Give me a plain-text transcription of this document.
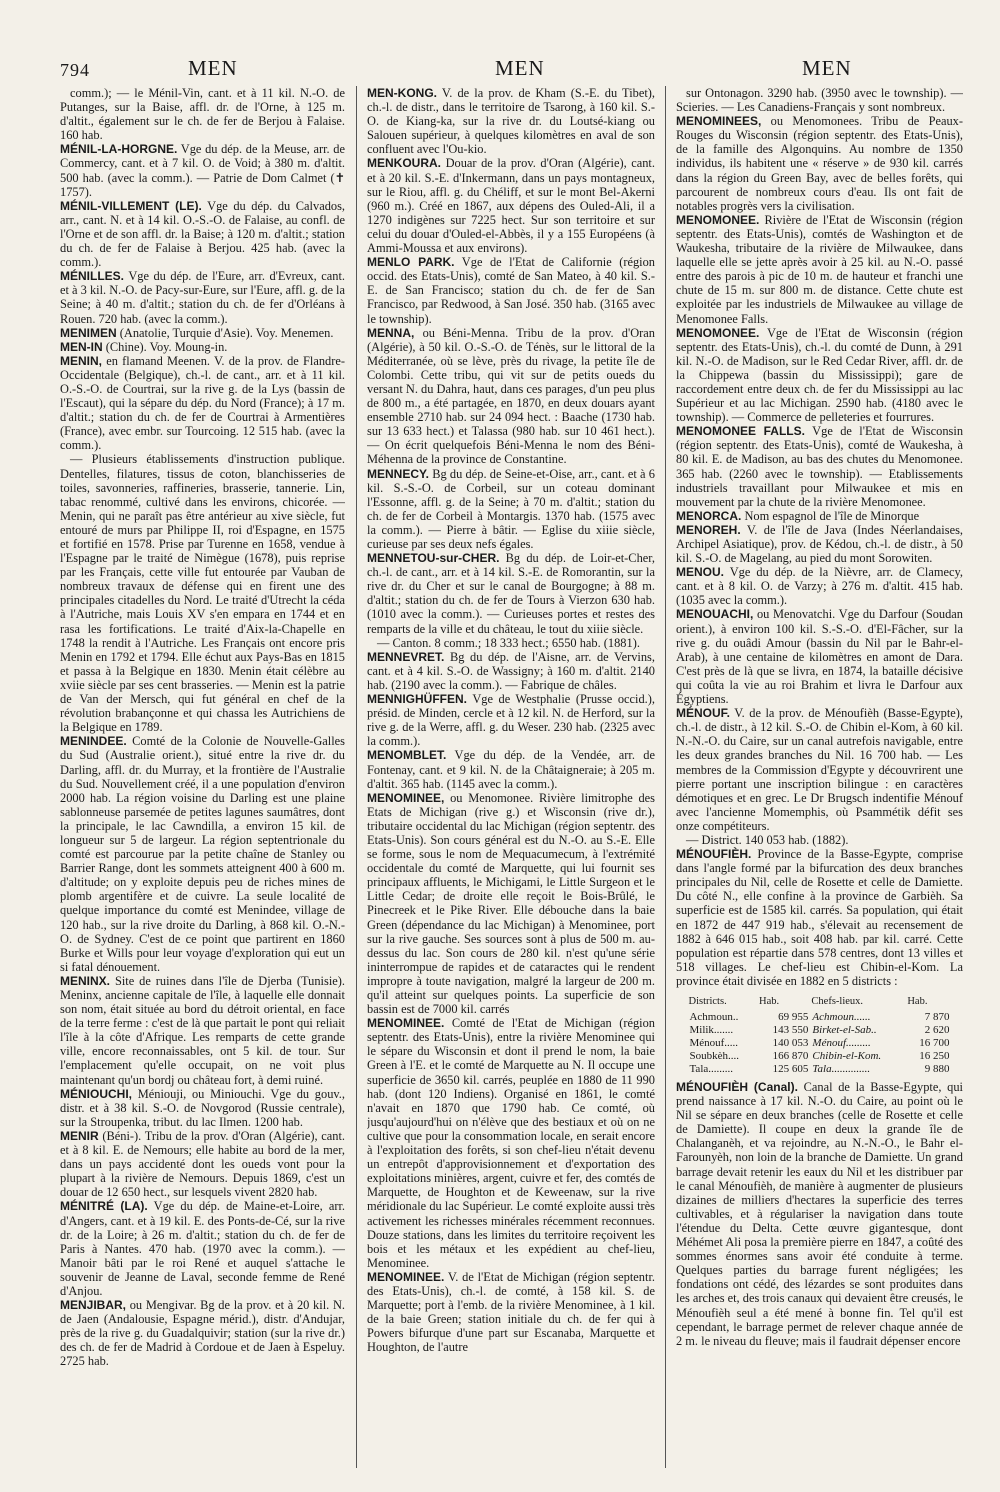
794	MEN	MEN	MEN

comm.); — le Ménil-Vin, cant. et à 11 kil. N.-O. de Putanges, sur la Baise, affl. dr. de l'Orne, à 125 m. d'altit., également sur le ch. de fer de Berjou à Falaise. 160 hab.

MÉNIL-LA-HORGNE. Vge du dép. de la Meuse, arr. de Commercy, cant. et à 7 kil. O. de Void; à 380 m. d'altit. 500 hab. (avec la comm.). — Patrie de Dom Calmet (✝ 1757).

MÉNIL-VILLEMENT (LE). Vge du dép. du Calvados, arr., cant. N. et à 14 kil. O.-S.-O. de Falaise, au confl. de l'Orne et de son affl. dr. la Baise; à 120 m. d'altit.; station du ch. de fer de Falaise à Berjou. 425 hab. (avec la comm.).

MÉNILLES. Vge du dép. de l'Eure, arr. d'Evreux, cant. et à 3 kil. N.-O. de Pacy-sur-Eure, sur l'Eure, affl. g. de la Seine; à 40 m. d'altit.; station du ch. de fer d'Orléans à Rouen. 720 hab. (avec la comm.).

MENIMEN (Anatolie, Turquie d'Asie). Voy. Menemen.

MEN-IN (Chine). Voy. Moung-in.

MENIN, en flamand Meenen. V. de la prov. de Flandre-Occidentale (Belgique), ch.-l. de cant., arr. et à 11 kil. O.-S.-O. de Courtrai, sur la rive g. de la Lys (bassin de l'Escaut), qui la sépare du dép. du Nord (France); à 17 m. d'altit.; station du ch. de fer de Courtrai à Armentières (France), avec embr. sur Tourcoing. 12 515 hab. (avec la comm.).

— Plusieurs établissements d'instruction publique. Dentelles, filatures, tissus de coton, blanchisseries de toiles, savonneries, raffineries, brasserie, tannerie. Lin, tabac renommé, cultivé dans les environs, chicorée. — Menin, qui ne paraît pas être antérieur au xive siècle, fut entouré de murs par Philippe II, roi d'Espagne, en 1575 et fortifié en 1578. Prise par Turenne en 1658, vendue à l'Espagne par le traité de Nimègue (1678), puis reprise par les Français, cette ville fut entourée par Vauban de nombreux travaux de défense qui en firent une des principales citadelles du Nord. Le traité d'Utrecht la céda à l'Autriche, mais Louis XV s'en empara en 1744 et en rasa les fortifications. Le traité d'Aix-la-Chapelle en 1748 la rendit à l'Autriche. Les Français ont encore pris Menin en 1792 et 1794. Elle échut aux Pays-Bas en 1815 et passa à la Belgique en 1830. Menin était célèbre au xviie siècle par ses cent brasseries. — Menin est la patrie de Van der Mersch, qui fut général en chef de la révolution brabançonne et qui chassa les Autrichiens de la Belgique en 1789.

MENINDEE. Comté de la Colonie de Nouvelle-Galles du Sud (Australie orient.), situé entre la rive dr. du Darling, affl. dr. du Murray, et la frontière de l'Australie du Sud. Nouvellement créé, il a une population d'environ 2000 hab. La région voisine du Darling est une plaine sablonneuse parsemée de petites lagunes saumâtres, dont la principale, le lac Cawndilla, a environ 15 kil. de longueur sur 5 de largeur. La région septentrionale du comté est parcourue par la petite chaîne de Stanley ou Barrier Range, dont les sommets atteignent 400 à 600 m. d'altitude; on y exploite depuis peu de riches mines de plomb argentifère et de cuivre. La seule localité de quelque importance du comté est Menindee, village de 120 hab., sur la rive droite du Darling, à 868 kil. O.-N.-O. de Sydney. C'est de ce point que partirent en 1860 Burke et Wills pour leur voyage d'exploration qui eut un si fatal dénouement.

MENINX. Site de ruines dans l'île de Djerba (Tunisie). Meninx, ancienne capitale de l'île, à laquelle elle donnait son nom, était située au bord du détroit oriental, en face de la terre ferme : c'est de là que partait le pont qui reliait l'île à la côte d'Afrique. Les remparts de cette grande ville, encore reconnaissables, ont 5 kil. de tour. Sur l'emplacement qu'elle occupait, on ne voit plus maintenant qu'un bordj ou château fort, à demi ruiné.

MÉNIOUCHI, Méniouji, ou Miniouchi. Vge du gouv., distr. et à 38 kil. S.-O. de Novgorod (Russie centrale), sur la Stroupenka, tribut. du lac Ilmen. 1200 hab.

MENIR (Béni-). Tribu de la prov. d'Oran (Algérie), cant. et à 8 kil. E. de Nemours; elle habite au bord de la mer, dans un pays accidenté dont les oueds vont pour la plupart à la rivière de Nemours. Depuis 1869, c'est un douar de 12 650 hect., sur lesquels vivent 2820 hab.

MÉNITRÉ (LA). Vge du dép. de Maine-et-Loire, arr. d'Angers, cant. et à 19 kil. E. des Ponts-de-Cé, sur la rive dr. de la Loire; à 26 m. d'altit.; station du ch. de fer de Paris à Nantes. 470 hab. (1970 avec la comm.). — Manoir bâti par le roi René et auquel s'attache le souvenir de Jeanne de Laval, seconde femme de René d'Anjou.

MENJIBAR, ou Mengivar. Bg de la prov. et à 20 kil. N. de Jaen (Andalousie, Espagne mérid.), distr. d'Andujar, près de la rive g. du Guadalquivir; station (sur la rive dr.) des ch. de fer de Madrid à Cordoue et de Jaen à Espeluy. 2725 hab.

MEN-KONG. V. de la prov. de Kham (S.-E. du Tibet), ch.-l. de distr., dans le territoire de Tsarong, à 160 kil. S.-O. de Kiang-ka, sur la rive dr. du Loutsé-kiang ou Salouen supérieur, à quelques kilomètres en aval de son confluent avec l'Ou-kio.

MENKOURA. Douar de la prov. d'Oran (Algérie), cant. et à 20 kil. S.-E. d'Inkermann, dans un pays montagneux, sur le Riou, affl. g. du Chéliff, et sur le mont Bel-Akerni (960 m.). Créé en 1867, aux dépens des Ouled-Ali, il a 1270 indigènes sur 7225 hect. Sur son territoire et sur celui du douar d'Ouled-el-Abbès, il y a 155 Européens (à Ammi-Moussa et aux environs).

MENLO PARK. Vge de l'Etat de Californie (région occid. des Etats-Unis), comté de San Mateo, à 40 kil. S.-E. de San Francisco; station du ch. de fer de San Francisco, par Redwood, à San José. 350 hab. (3165 avec le township).

MENNA, ou Béni-Menna. Tribu de la prov. d'Oran (Algérie), à 50 kil. O.-S.-O. de Ténès, sur le littoral de la Méditerranée, où se lève, près du rivage, la petite île de Colombi. Cette tribu, qui vit sur de petits oueds du versant N. du Dahra, haut, dans ces parages, d'un peu plus de 800 m., a été partagée, en 1870, en deux douars ayant ensemble 2710 hab. sur 24 094 hect. : Baache (1730 hab. sur 13 633 hect.) et Talassa (980 hab. sur 10 461 hect.). — On écrit quelquefois Béni-Menna le nom des Béni-Méhenna de la province de Constantine.

MENNECY. Bg du dép. de Seine-et-Oise, arr., cant. et à 6 kil. S.-S.-O. de Corbeil, sur un coteau dominant l'Essonne, affl. g. de la Seine; à 70 m. d'altit.; station du ch. de fer de Corbeil à Montargis. 1370 hab. (1575 avec la comm.). — Pierre à bâtir. — Eglise du xiiie siècle, curieuse par ses deux nefs égales.

MENNETOU-sur-CHER. Bg du dép. de Loir-et-Cher, ch.-l. de cant., arr. et à 14 kil. S.-E. de Romorantin, sur la rive dr. du Cher et sur le canal de Bourgogne; à 88 m. d'altit.; station du ch. de fer de Tours à Vierzon 630 hab. (1010 avec la comm.). — Curieuses portes et restes des remparts de la ville et du château, le tout du xiiie siècle.

— Canton. 8 comm.; 18 333 hect.; 6550 hab. (1881).

MENNEVRET. Bg du dép. de l'Aisne, arr. de Vervins, cant. et à 4 kil. S.-O. de Wassigny; à 160 m. d'altit. 2140 hab. (2190 avec la comm.). — Fabrique de châles.

MENNIGHÜFFEN. Vge de Westphalie (Prusse occid.), présid. de Minden, cercle et à 12 kil. N. de Herford, sur la rive g. de la Werre, affl. g. du Weser. 230 hab. (2325 avec la comm.).

MENOMBLET. Vge du dép. de la Vendée, arr. de Fontenay, cant. et 9 kil. N. de la Châtaigneraie; à 205 m. d'altit. 365 hab. (1145 avec la comm.).

MENOMINEE, ou Menomonee. Rivière limitrophe des Etats de Michigan (rive g.) et Wisconsin (rive dr.), tributaire occidental du lac Michigan (région septentr. des Etats-Unis). Son cours général est du N.-O. au S.-E. Elle se forme, sous le nom de Mequacumecum, à l'extrémité occidentale du comté de Marquette, qui lui fournit ses principaux affluents, le Michigami, le Little Surgeon et le Little Cedar; de droite elle reçoit le Bois-Brûlé, le Pinecreek et le Pike River. Elle débouche dans la baie Green (dépendance du lac Michigan) à Menominee, port sur la rive gauche. Ses sources sont à plus de 500 m. au-dessus du lac. Son cours de 280 kil. n'est qu'une série ininterrompue de rapides et de cataractes qui le rendent impropre à toute navigation, malgré la largeur de 200 m. qu'il atteint sur quelques points. La superficie de son bassin est de 7000 kil. carrés

MENOMINEE. Comté de l'Etat de Michigan (région septentr. des Etats-Unis), entre la rivière Menominee qui le sépare du Wisconsin et dont il prend le nom, la baie Green à l'E. et le comté de Marquette au N. Il occupe une superficie de 3650 kil. carrés, peuplée en 1880 de 11 990 hab. (dont 120 Indiens). Organisé en 1861, le comté n'avait en 1870 que 1790 hab. Ce comté, où jusqu'aujourd'hui on n'élève que des bestiaux et où on ne cultive que pour la consommation locale, en serait encore à l'exploitation des forêts, si son chef-lieu n'était devenu un entrepôt d'approvisionnement et d'exportation des exploitations minières, argent, cuivre et fer, des comtés de Marquette, de Houghton et de Keweenaw, sur la rive méridionale du lac Supérieur. Le comté exploite aussi très activement les richesses minérales récemment reconnues. Douze stations, dans les limites du territoire reçoivent les bois et les métaux et les expédient au chef-lieu, Menominee.

MENOMINEE. V. de l'Etat de Michigan (région septentr. des Etats-Unis), ch.-l. de comté, à 158 kil. S. de Marquette; port à l'emb. de la rivière Menominee, à 1 kil. de la baie Green; station initiale du ch. de fer qui à Powers bifurque d'une part sur Escanaba, Marquette et Houghton, de l'autre

sur Ontonagon. 3290 hab. (3950 avec le township). — Scieries. — Les Canadiens-Français y sont nombreux.

MENOMINEES, ou Menomonees. Tribu de Peaux-Rouges du Wisconsin (région septentr. des Etats-Unis), de la famille des Algonquins. Au nombre de 1350 individus, ils habitent une « réserve » de 930 kil. carrés dans la région du Green Bay, avec de belles forêts, qui parcourent de nombreux cours d'eau. Ils ont fait de notables progrès vers la civilisation.

MENOMONEE. Rivière de l'Etat de Wisconsin (région septentr. des Etats-Unis), comtés de Washington et de Waukesha, tributaire de la rivière de Milwaukee, dans laquelle elle se jette après avoir à 25 kil. au N.-O. passé entre des parois à pic de 10 m. de hauteur et franchi une chute de 15 m. sur 800 m. de distance. Cette chute est exploitée par les industriels de Milwaukee au village de Menomonee Falls.

MENOMONEE. Vge de l'Etat de Wisconsin (région septentr. des Etats-Unis), ch.-l. du comté de Dunn, à 291 kil. N.-O. de Madison, sur le Red Cedar River, affl. dr. de la Chippewa (bassin du Mississippi); gare de raccordement entre deux ch. de fer du Mississippi au lac Supérieur et au lac Michigan. 2590 hab. (4180 avec le township). — Commerce de pelleteries et fourrures.

MENOMONEE FALLS. Vge de l'Etat de Wisconsin (région septentr. des Etats-Unis), comté de Waukesha, à 80 kil. E. de Madison, au bas des chutes du Menomonee. 365 hab. (2260 avec le township). — Etablissements industriels travaillant pour Milwaukee et mis en mouvement par la chute de la rivière Menomonee.

MENORCA. Nom espagnol de l'île de Minorque

MENOREH. V. de l'île de Java (Indes Néerlandaises, Archipel Asiatique), prov. de Kédou, ch.-l. de distr., à 50 kil. S.-O. de Magelang, au pied du mont Sorowiten.

MENOU. Vge du dép. de la Nièvre, arr. de Clamecy, cant. et à 8 kil. O. de Varzy; à 276 m. d'altit. 415 hab. (1035 avec la comm.).

MENOUACHI, ou Menovatchi. Vge du Darfour (Soudan orient.), à environ 100 kil. S.-S.-O. d'El-Fâcher, sur la rive g. du ouâdi Amour (bassin du Nil par le Bahr-el-Arab), à une centaine de kilomètres en amont de Dara. C'est près de là que se livra, en 1874, la bataille décisive qui coûta la vie au roi Brahim et livra le Darfour aux Égyptiens.

MÉNOUF. V. de la prov. de Ménoufièh (Basse-Egypte), ch.-l. de distr., à 12 kil. S.-O. de Chibin el-Kom, à 60 kil. N.-N.-O. du Caire, sur un canal autrefois navigable, entre les deux grandes branches du Nil. 16 700 hab. — Les membres de la Commission d'Egypte y découvrirent une pierre portant une inscription bilingue : en caractères démotiques et en grec. Le Dr Brugsch indentifie Ménouf avec l'ancienne Momemphis, où Psammétik défit ses onze compétiteurs.

— District. 140 053 hab. (1882).

MÉNOUFIÈH. Province de la Basse-Egypte, comprise dans l'angle formé par la bifurcation des deux branches principales du Nil, celle de Rosette et celle de Damiette. Du côté N., elle confine à la province de Garbièh. Sa superficie est de 1585 kil. carrés. Sa population, qui était en 1872 de 447 919 hab., s'élevait au recensement de 1882 à 646 015 hab., soit 408 hab. par kil. carré. Cette population est répartie dans 578 centres, dont 13 villes et 518 villages. Le chef-lieu est Chibin-el-Kom. La province était divisée en 1882 en 5 districts :

Districts.	Hab.	Chefs-lieux.	Hab.
Achmoun..	69 955	Achmoun......	7 870
Milik.......	143 550	Birket-el-Sab..	2 620
Ménouf.....	140 053	Ménouf.........	16 700
Soubkèh....	166 870	Chibin-el-Kom.	16 250
Tala.........	125 605	Tala..............	9 880

MÉNOUFIÈH (Canal). Canal de la Basse-Egypte, qui prend naissance à 17 kil. N.-O. du Caire, au point où le Nil se sépare en deux branches (celle de Rosette et celle de Damiette). Il coupe en deux la grande île de Chalanganèh, et va rejoindre, au N.-N.-O., le Bahr el-Farounyèh, non loin de la branche de Damiette. Un grand barrage devait retenir les eaux du Nil et les distribuer par le canal Ménoufièh, de manière à augmenter de plusieurs dizaines de milliers d'hectares la superficie des terres cultivables, et à régulariser la navigation dans toute l'étendue du Delta. Cette œuvre gigantesque, dont Méhémet Ali posa la première pierre en 1847, a coûté des sommes énormes sans avoir été conduite à terme. Quelques parties du barrage furent négligées; les fondations ont cédé, des lézardes se sont produites dans les arches et, des trois canaux qui devaient être creusés, le Ménoufièh seul a été mené à bonne fin. Tel qu'il est cependant, le barrage permet de relever chaque année de 2 m. le niveau du fleuve; mais il faudrait dépenser encore
